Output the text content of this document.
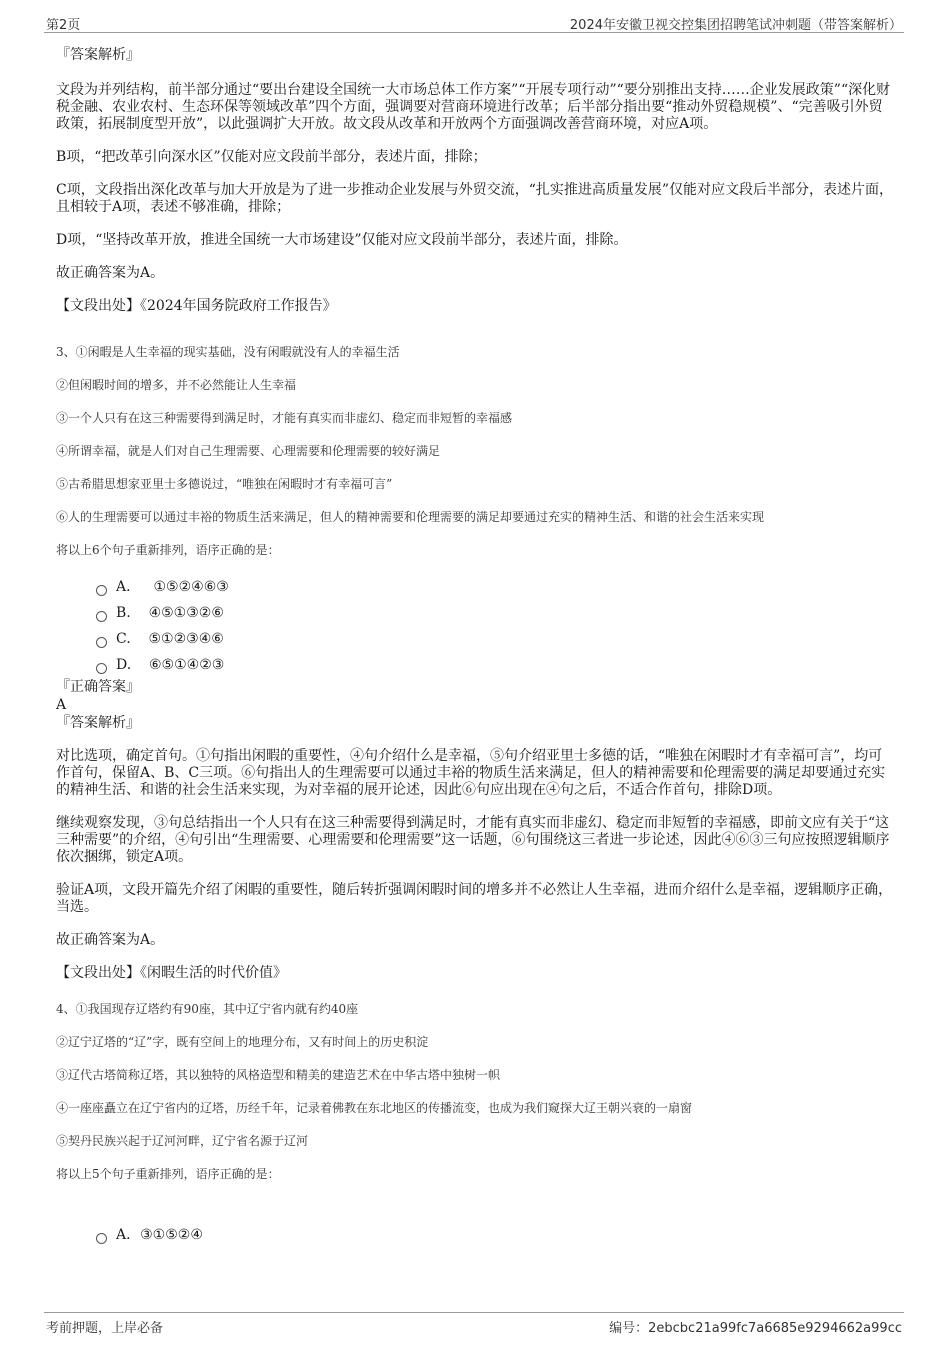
第2页	2024年安徽卫视交控集团招聘笔试冲刺题（带答案解析）

『答案解析』

文段为并列结构，前半部分通过“要出台建设全国统一大市场总体工作方案”“开展专项行动”“要分别推出支持……企业发展政策”“深化财税金融、农业农村、生态环保等领域改革”四个方面，强调要对营商环境进行改革；后半部分指出要“推动外贸稳规模”、“完善吸引外贸政策，拓展制度型开放”，以此强调扩大开放。故文段从改革和开放两个方面强调改善营商环境，对应A项。

B项，“把改革引向深水区”仅能对应文段前半部分，表述片面，排除；

C项，文段指出深化改革与加大开放是为了进一步推动企业发展与外贸交流，“扎实推进高质量发展”仅能对应文段后半部分，表述片面，且相较于A项，表述不够准确，排除；

D项，“坚持改革开放，推进全国统一大市场建设”仅能对应文段前半部分，表述片面，排除。

故正确答案为A。

【文段出处】《2024年国务院政府工作报告》

3、①闲暇是人生幸福的现实基础，没有闲暇就没有人的幸福生活

②但闲暇时间的增多，并不必然能让人生幸福

③一个人只有在这三种需要得到满足时，才能有真实而非虚幻、稳定而非短暂的幸福感

④所谓幸福，就是人们对自己生理需要、心理需要和伦理需要的较好满足

⑤古希腊思想家亚里士多德说过，“唯独在闲暇时才有幸福可言”

⑥人的生理需要可以通过丰裕的物质生活来满足，但人的精神需要和伦理需要的满足却要通过充实的精神生活、和谐的社会生活来实现

将以上6个句子重新排列，语序正确的是：

A．
①⑤②④⑥③
B.
④⑤①③②⑥
C.
⑤①②③④⑥
D.
⑥⑤①④②③

『正确答案』

A

『答案解析』

对比选项，确定首句。①句指出闲暇的重要性，④句介绍什么是幸福，⑤句介绍亚里士多德的话，“唯独在闲暇时才有幸福可言”，均可作首句，保留A、B、C三项。⑥句指出人的生理需要可以通过丰裕的物质生活来满足，但人的精神需要和伦理需要的满足却要通过充实的精神生活、和谐的社会生活来实现，为对幸福的展开论述，因此⑥句应出现在④句之后，不适合作首句，排除D项。

继续观察发现，③句总结指出一个人只有在这三种需要得到满足时，才能有真实而非虚幻、稳定而非短暂的幸福感，即前文应有关于“这三种需要”的介绍，④句引出“生理需要、心理需要和伦理需要”这一话题，⑥句围绕这三者进一步论述，因此④⑥③三句应按照逻辑顺序依次捆绑，锁定A项。

验证A项，文段开篇先介绍了闲暇的重要性，随后转折强调闲暇时间的增多并不必然让人生幸福，进而介绍什么是幸福，逻辑顺序正确，当选。

故正确答案为A。

【文段出处】《闲暇生活的时代价值》

4、①我国现存辽塔约有90座，其中辽宁省内就有约40座

②辽宁辽塔的“辽”字，既有空间上的地理分布，又有时间上的历史积淀

③辽代古塔简称辽塔，其以独特的风格造型和精美的建造艺术在中华古塔中独树一帜

④一座座矗立在辽宁省内的辽塔，历经千年，记录着佛教在东北地区的传播流变，也成为我们窥探大辽王朝兴衰的一扇窗

⑤契丹民族兴起于辽河河畔，辽宁省名源于辽河

将以上5个句子重新排列，语序正确的是：

A． ③①⑤②④
考前押题，上岸必备	编号：2ebcbc21a99fc7a6685e9294662a99cc
